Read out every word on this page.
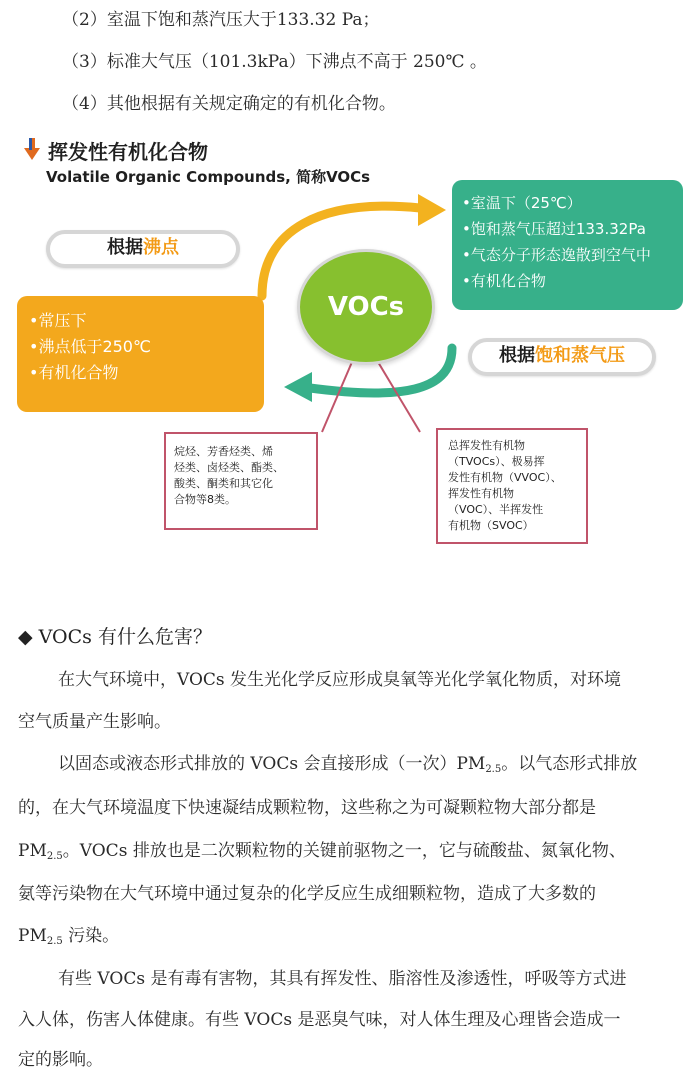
（2）室温下饱和蒸汽压大于133.32 Pa；
（3）标准大气压（101.3kPa）下沸点不高于 250℃ 。
（4）其他根据有关规定确定的有机化合物。
挥发性有机化合物
Volatile Organic Compounds, 简称VOCs
根据沸点
根据饱和蒸气压
•常压下
•沸点低于250℃
•有机化合物
•室温下（25℃）
•饱和蒸气压超过133.32Pa
•气态分子形态逸散到空气中
•有机化合物
VOCs
烷烃、芳香烃类、烯
烃类、卤烃类、酯类、
酸类、酮类和其它化
合物等8类。
总挥发性有机物
（TVOCs）、极易挥
发性有机物（VVOC）、
挥发性有机物
（VOC）、半挥发性
有机物（SVOC）
◆ VOCs 有什么危害？
在大气环境中，VOCs 发生光化学反应形成臭氧等光化学氧化物质，对环境
空气质量产生影响。
以固态或液态形式排放的 VOCs 会直接形成（一次）$PM_{2.5}$。以气态形式排放
的，在大气环境温度下快速凝结成颗粒物，这些称之为可凝颗粒物大部分都是
$PM_{2.5}$。VOCs 排放也是二次颗粒物的关键前驱物之一，它与硫酸盐、氮氧化物、
氨等污染物在大气环境中通过复杂的化学反应生成细颗粒物，造成了大多数的
$PM_{2.5}$ 污染。
有些 VOCs 是有毒有害物，其具有挥发性、脂溶性及渗透性，呼吸等方式进
入人体，伤害人体健康。有些 VOCs 是恶臭气味，对人体生理及心理皆会造成一
定的影响。
